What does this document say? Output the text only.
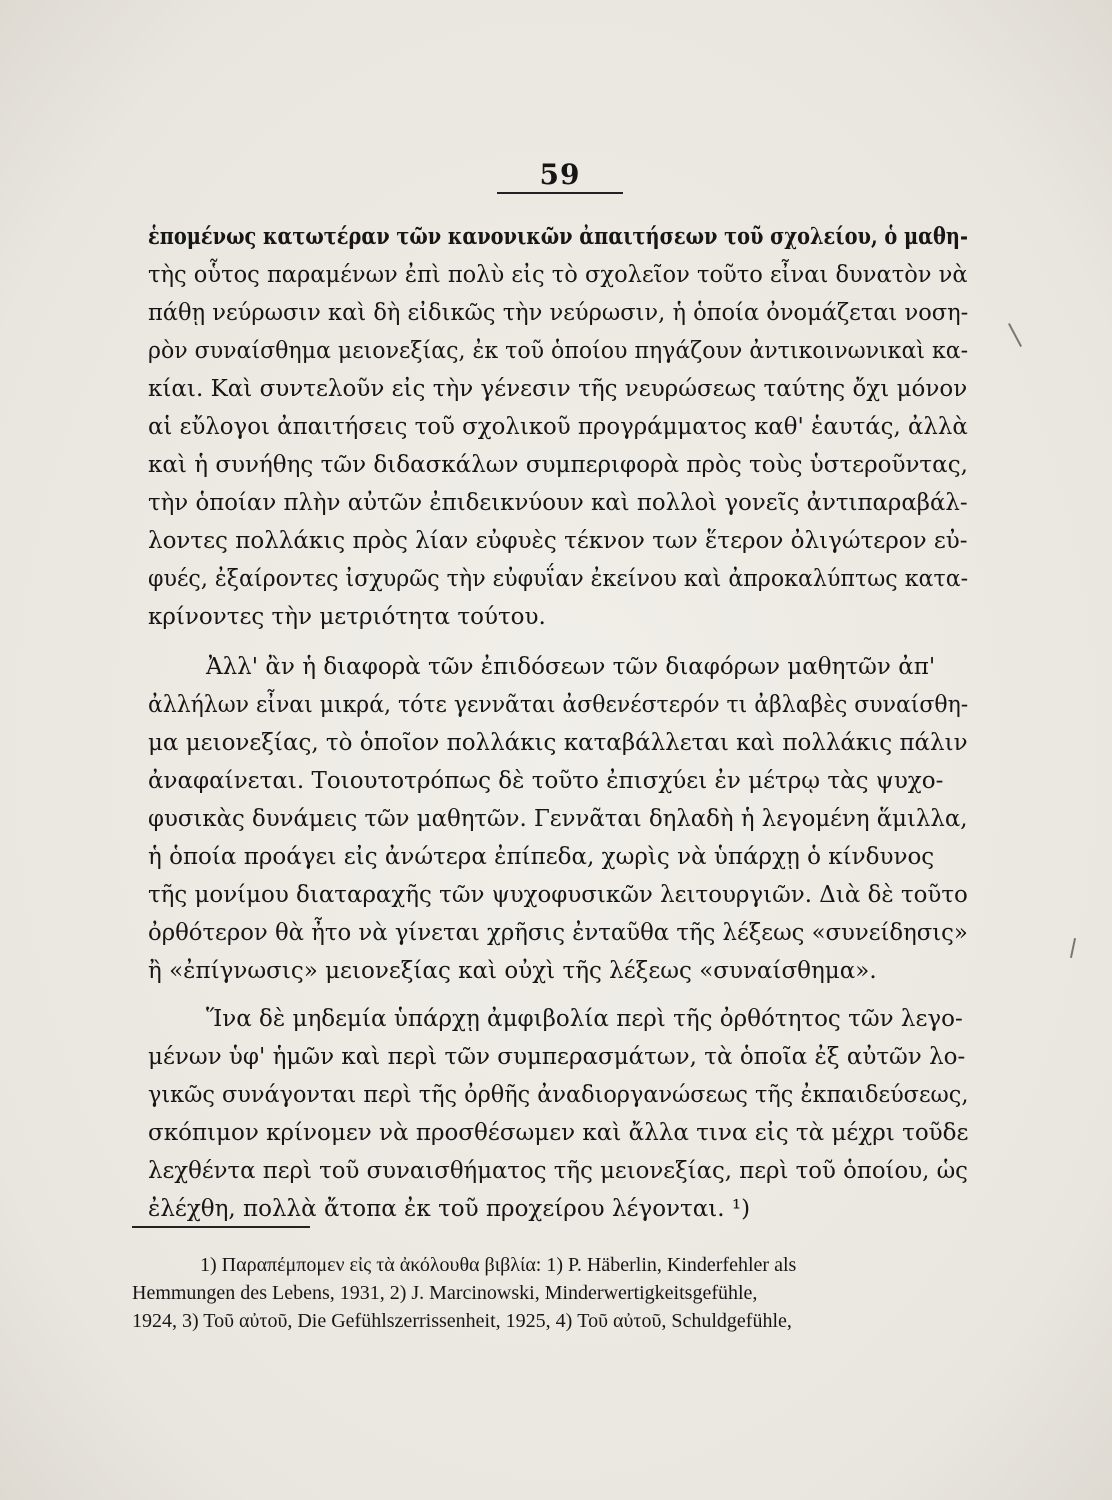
59
ἑπομένως κατωτέραν τῶν κανονικῶν ἀπαιτήσεων τοῦ σχολείου, ὁ μαθη-
τὴς οὗτος παραμένων ἐπὶ πολὺ εἰς τὸ σχολεῖον τοῦτο εἶναι δυνατὸν νὰ
πάθῃ νεύρωσιν καὶ δὴ εἰδικῶς τὴν νεύρωσιν, ἡ ὁποία ὀνομάζεται νοση-
ρὸν συναίσθημα μειονεξίας, ἐκ τοῦ ὁποίου πηγάζουν ἀντικοινωνικαὶ κα-
κίαι. Καὶ συντελοῦν εἰς τὴν γένεσιν τῆς νευρώσεως ταύτης ὄχι μόνον
αἱ εὔλογοι ἀπαιτήσεις τοῦ σχολικοῦ προγράμματος καθ' ἑαυτάς, ἀλλὰ
καὶ ἡ συνήθης τῶν διδασκάλων συμπεριφορὰ πρὸς τοὺς ὑστεροῦντας,
τὴν ὁποίαν πλὴν αὐτῶν ἐπιδεικνύουν καὶ πολλοὶ γονεῖς ἀντιπαραβάλ-
λοντες πολλάκις πρὸς λίαν εὐφυὲς τέκνον των ἕτερον ὀλιγώτερον εὐ-
φυές, ἐξαίροντες ἰσχυρῶς τὴν εὐφυΐαν ἐκείνου καὶ ἀπροκαλύπτως κατα-
κρίνοντες τὴν μετριότητα τούτου.
Ἀλλ' ἂν ἡ διαφορὰ τῶν ἐπιδόσεων τῶν διαφόρων μαθητῶν ἀπ'
ἀλλήλων εἶναι μικρά, τότε γεννᾶται ἀσθενέστερόν τι ἀβλαβὲς συναίσθη-
μα μειονεξίας, τὸ ὁποῖον πολλάκις καταβάλλεται καὶ πολλάκις πάλιν
ἀναφαίνεται. Τοιουτοτρόπως δὲ τοῦτο ἐπισχύει ἐν μέτρῳ τὰς ψυχο-
φυσικὰς δυνάμεις τῶν μαθητῶν. Γεννᾶται δηλαδὴ ἡ λεγομένη ἅμιλλα,
ἡ ὁποία προάγει εἰς ἀνώτερα ἐπίπεδα, χωρὶς νὰ ὑπάρχῃ ὁ κίνδυνος
τῆς μονίμου διαταραχῆς τῶν ψυχοφυσικῶν λειτουργιῶν. Διὰ δὲ τοῦτο
ὀρθότερον θὰ ἦτο νὰ γίνεται χρῆσις ἐνταῦθα τῆς λέξεως «συνείδησις»
ἢ «ἐπίγνωσις» μειονεξίας καὶ οὐχὶ τῆς λέξεως «συναίσθημα».
Ἵνα δὲ μηδεμία ὑπάρχῃ ἀμφιβολία περὶ τῆς ὀρθότητος τῶν λεγο-
μένων ὑφ' ἡμῶν καὶ περὶ τῶν συμπερασμάτων, τὰ ὁποῖα ἐξ αὐτῶν λο-
γικῶς συνάγονται περὶ τῆς ὀρθῆς ἀναδιοργανώσεως τῆς ἐκπαιδεύσεως,
σκόπιμον κρίνομεν νὰ προσθέσωμεν καὶ ἄλλα τινα εἰς τὰ μέχρι τοῦδε
λεχθέντα περὶ τοῦ συναισθήματος τῆς μειονεξίας, περὶ τοῦ ὁποίου, ὡς
ἐλέχθη, πολλὰ ἄτοπα ἐκ τοῦ προχείρου λέγονται. ¹)
1) Παραπέμπομεν εἰς τὰ ἀκόλουθα βιβλία: 1) P. Häberlin, Kinderfehler als
Hemmungen des Lebens, 1931, 2) J. Marcinowski, Minderwertigkeitsgefühle,
1924, 3) Τοῦ αὐτοῦ, Die Gefühlszerrissenheit, 1925, 4) Τοῦ αὐτοῦ, Schuldgefühle,
